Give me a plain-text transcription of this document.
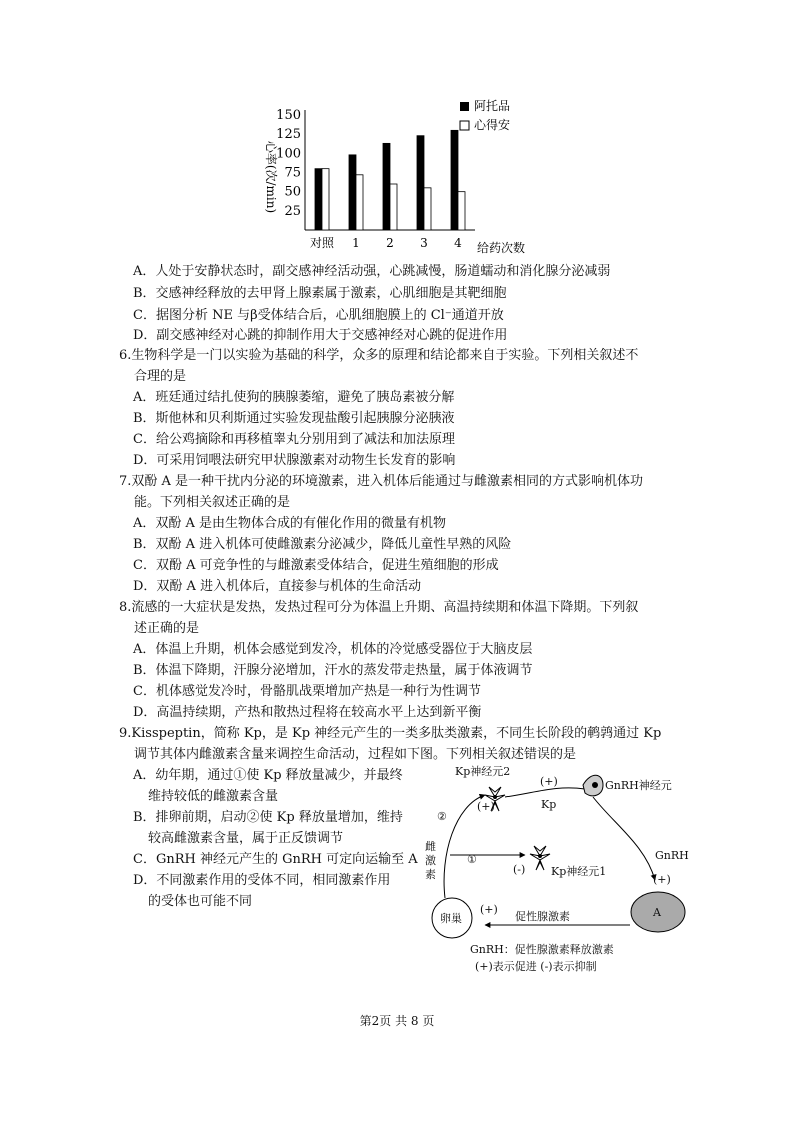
心率(次/min) 25
50
75
100
125
150
对照 1 2 3 4 给药次数
阿托品
心得安
A．人处于安静状态时，副交感神经活动强，心跳减慢，肠道蠕动和消化腺分泌减弱
B．交感神经释放的去甲肾上腺素属于激素，心肌细胞是其靶细胞
C．据图分析 NE 与β受体结合后，心肌细胞膜上的 Cl⁻通道开放
D．副交感神经对心跳的抑制作用大于交感神经对心跳的促进作用
6.生物科学是一门以实验为基础的科学，众多的原理和结论都来自于实验。下列相关叙述不
合理的是
A．班廷通过结扎使狗的胰腺萎缩，避免了胰岛素被分解
B．斯他林和贝利斯通过实验发现盐酸引起胰腺分泌胰液
C．给公鸡摘除和再移植睾丸分别用到了减法和加法原理
D．可采用饲喂法研究甲状腺激素对动物生长发育的影响
7.双酚 A 是一种干扰内分泌的环境激素，进入机体后能通过与雌激素相同的方式影响机体功
能。下列相关叙述正确的是
A．双酚 A 是由生物体合成的有催化作用的微量有机物
B．双酚 A 进入机体可使雌激素分泌减少，降低儿童性早熟的风险
C．双酚 A 可竞争性的与雌激素受体结合，促进生殖细胞的形成
D．双酚 A 进入机体后，直接参与机体的生命活动
8.流感的一大症状是发热，发热过程可分为体温上升期、高温持续期和体温下降期。下列叙
述正确的是
A．体温上升期，机体会感觉到发冷，机体的冷觉感受器位于大脑皮层
B．体温下降期，汗腺分泌增加，汗水的蒸发带走热量，属于体液调节
C．机体感觉发冷时，骨骼肌战栗增加产热是一种行为性调节
D．高温持续期，产热和散热过程将在较高水平上达到新平衡
9.Kisspeptin，简称 Kp，是 Kp 神经元产生的一类多肽类激素，不同生长阶段的鹌鹑通过 Kp
调节其体内雌激素含量来调控生命活动，过程如下图。下列相关叙述错误的是
A．幼年期，通过①使 Kp 释放量减少，并最终
维持较低的雌激素含量
B．排卵前期，启动②使 Kp 释放量增加，维持
较高雌激素含量，属于正反馈调节
C．GnRH 神经元产生的 GnRH 可定向运输至 A
D．不同激素作用的受体不同，相同激素作用
的受体也可能不同
Kp神经元2
(+)	Kp
(+)	GnRH神经元
GnRH
(+)
A
促性腺激素
(+)
卵巢
②
雌
激
素
①
(-) Kp神经元1
GnRH：促性腺激素释放激素
(+)表示促进 (-)表示抑制
第2页 共 8 页
